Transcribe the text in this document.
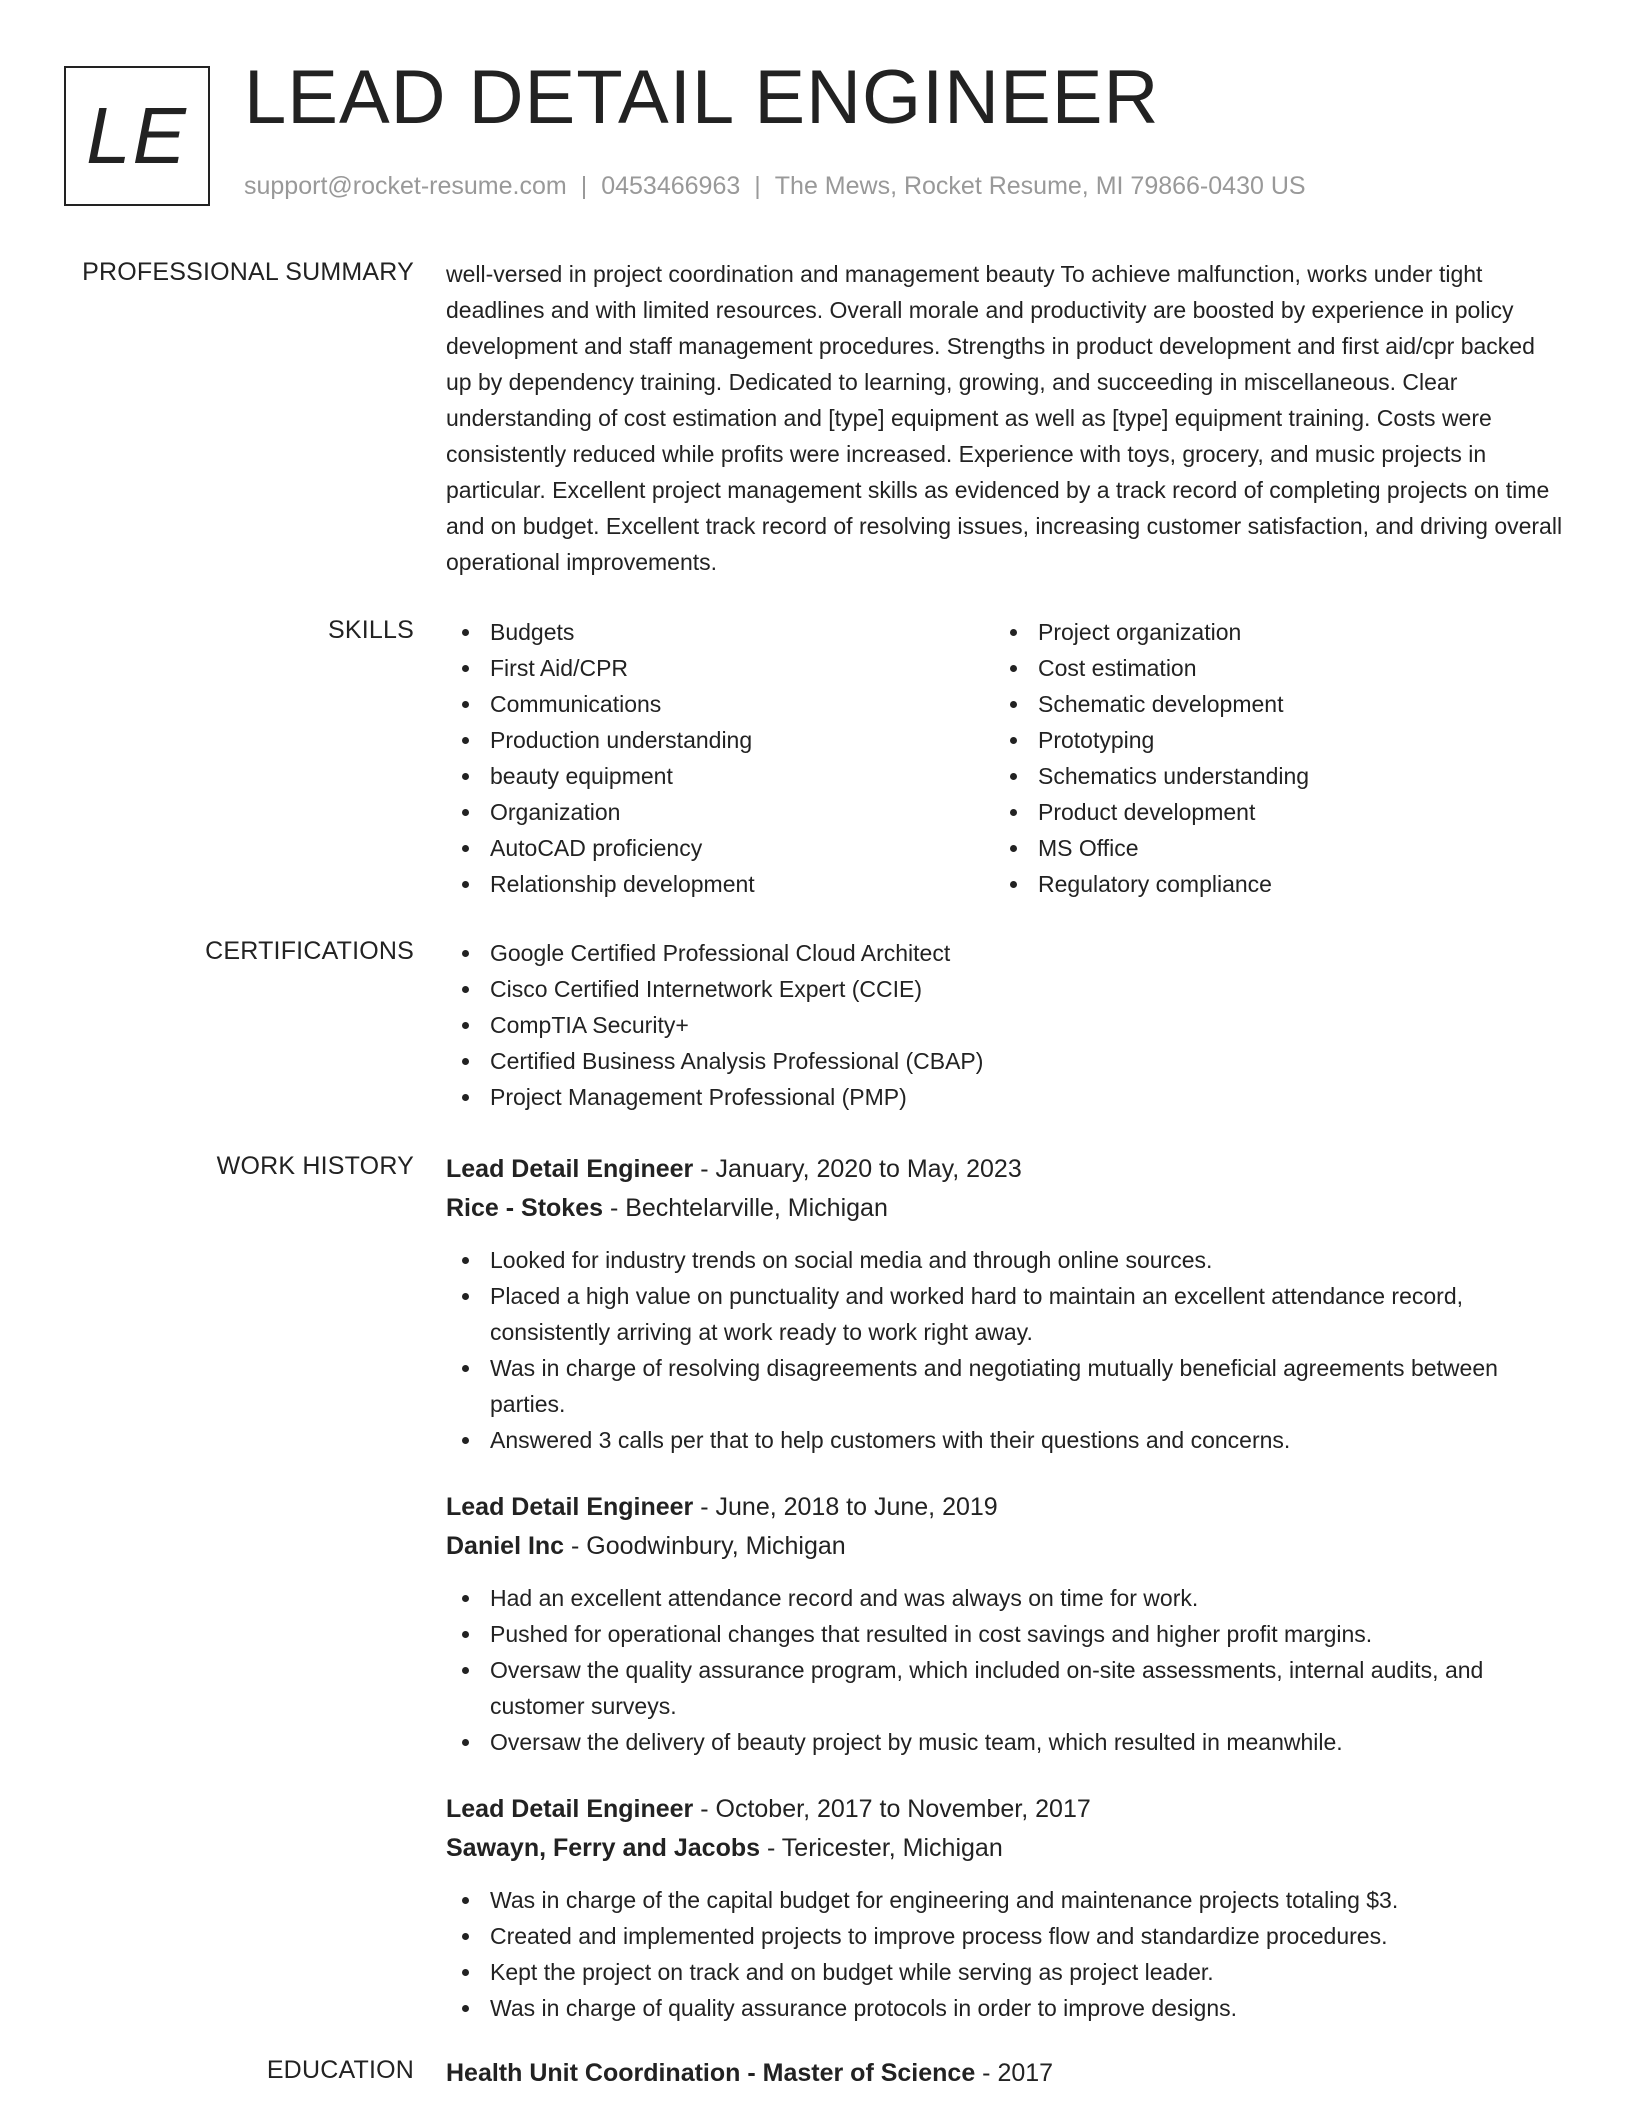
LE LEAD DETAIL ENGINEER
support@rocket-resume.com | 0453466963 | The Mews, Rocket Resume, MI 79866-0430 US
PROFESSIONAL SUMMARY well-versed in project coordination and management beauty To achieve malfunction, works under tight deadlines and with limited resources. Overall morale and productivity are boosted by experience in policy development and staff management procedures. Strengths in product development and first aid/cpr backed up by dependency training. Dedicated to learning, growing, and succeeding in miscellaneous. Clear understanding of cost estimation and [type] equipment as well as [type] equipment training. Costs were consistently reduced while profits were increased. Experience with toys, grocery, and music projects in particular. Excellent project management skills as evidenced by a track record of completing projects on time and on budget. Excellent track record of resolving issues, increasing customer satisfaction, and driving overall operational improvements.

SKILLS	Budgets
First Aid/CPR
Communications
Production understanding
beauty equipment
Organization
AutoCAD proficiency
Relationship development
Project organization
Cost estimation
Schematic development
Prototyping
Schematics understanding
Product development
MS Office
Regulatory compliance
CERTIFICATIONS	Google Certified Professional Cloud Architect
Cisco Certified Internetwork Expert (CCIE)
CompTIA Security+
Certified Business Analysis Professional (CBAP)
Project Management Professional (PMP)
WORK HISTORY Lead Detail Engineer - January, 2020 to May, 2023
Rice - Stokes - Bechtelarville, Michigan
Looked for industry trends on social media and through online sources.
Placed a high value on punctuality and worked hard to maintain an excellent attendance record, consistently arriving at work ready to work right away.
Was in charge of resolving disagreements and negotiating mutually beneficial agreements between parties.
Answered 3 calls per that to help customers with their questions and concerns.
Lead Detail Engineer - June, 2018 to June, 2019
Daniel Inc - Goodwinbury, Michigan
Had an excellent attendance record and was always on time for work.
Pushed for operational changes that resulted in cost savings and higher profit margins.
Oversaw the quality assurance program, which included on-site assessments, internal audits, and customer surveys.
Oversaw the delivery of beauty project by music team, which resulted in meanwhile.
Lead Detail Engineer - October, 2017 to November, 2017
Sawayn, Ferry and Jacobs - Tericester, Michigan
Was in charge of the capital budget for engineering and maintenance projects totaling $3.
Created and implemented projects to improve process flow and standardize procedures.
Kept the project on track and on budget while serving as project leader.
Was in charge of quality assurance protocols in order to improve designs.
EDUCATION Health Unit Coordination - Master of Science - 2017
